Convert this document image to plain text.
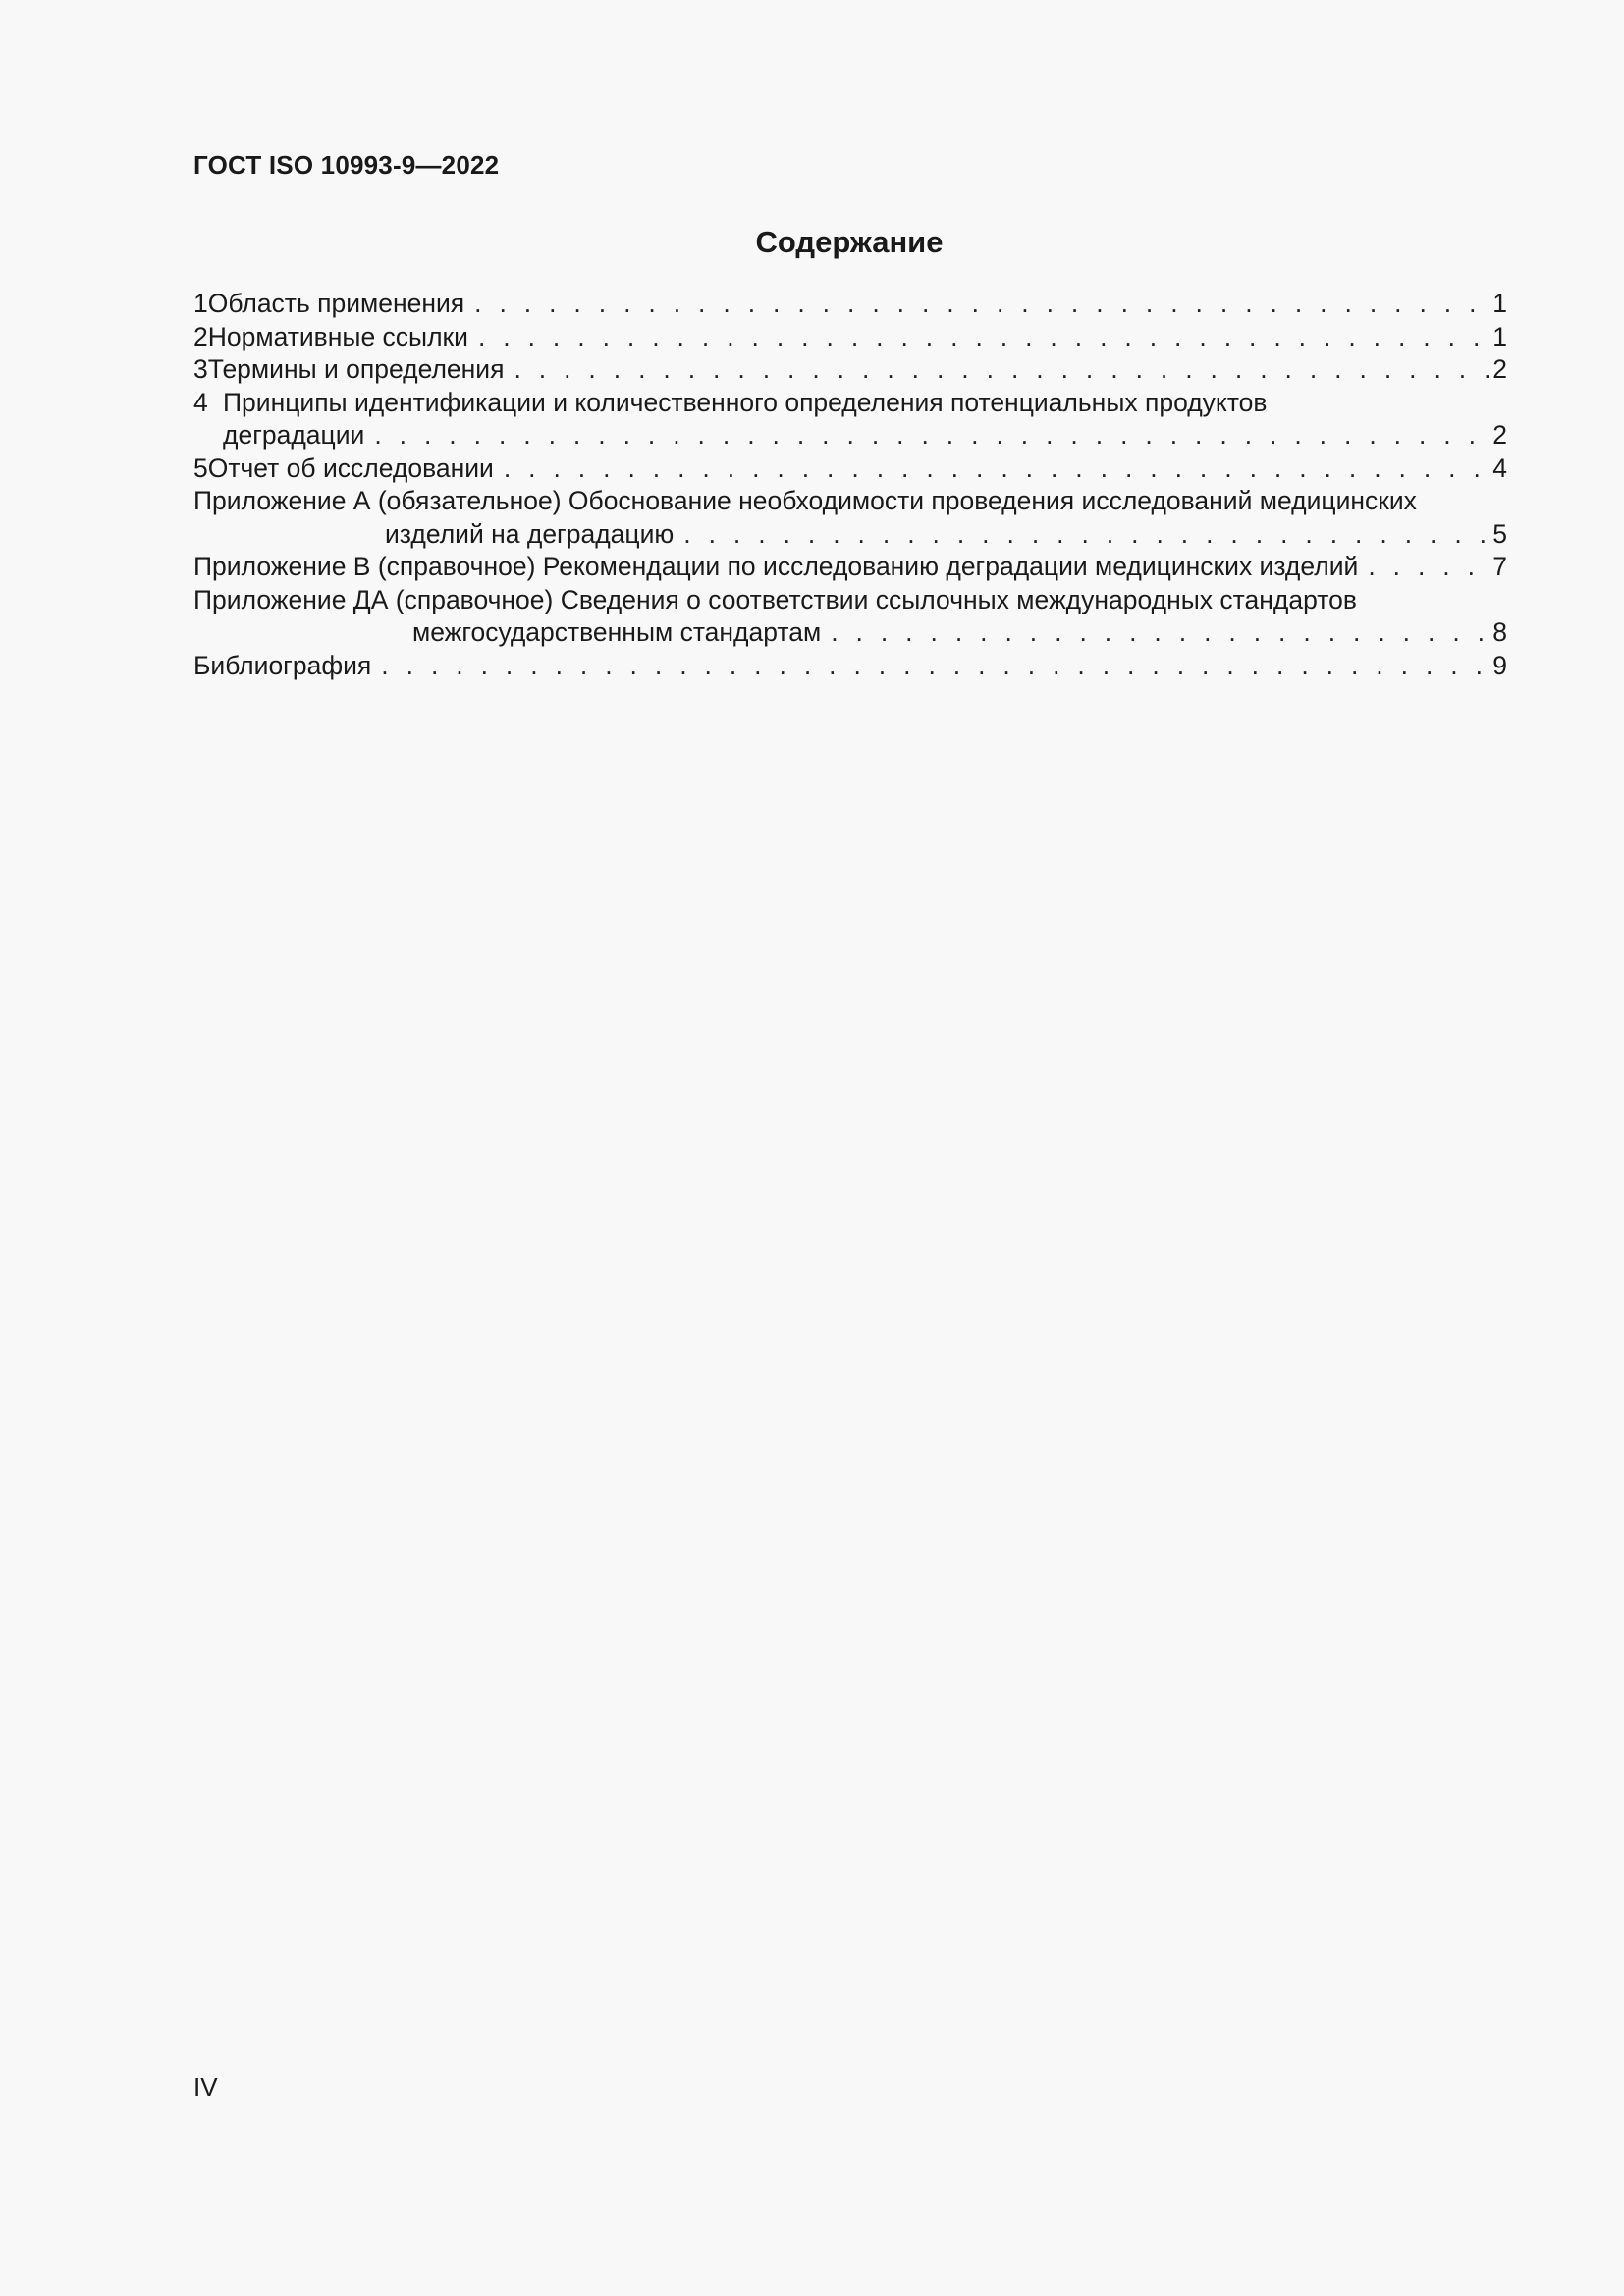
ГОСТ ISO 10993-9—2022
Содержание
1 Область применения . . .	1
2 Нормативные ссылки . . .	1
3 Термины и определения . . .	2
4 Принципы идентификации и количественного определения потенциальных продуктов
деградации . . .	2
5 Отчет об исследовании . . .	4
Приложение А (обязательное) Обоснование необходимости проведения исследований медицинских
изделий на деградацию . . .	5
Приложение В (справочное) Рекомендации по исследованию деградации медицинских изделий . . .	7
Приложение ДА (справочное) Сведения о соответствии ссылочных международных стандартов
межгосударственным стандартам . . .	8
Библиография . . .	9
IV
